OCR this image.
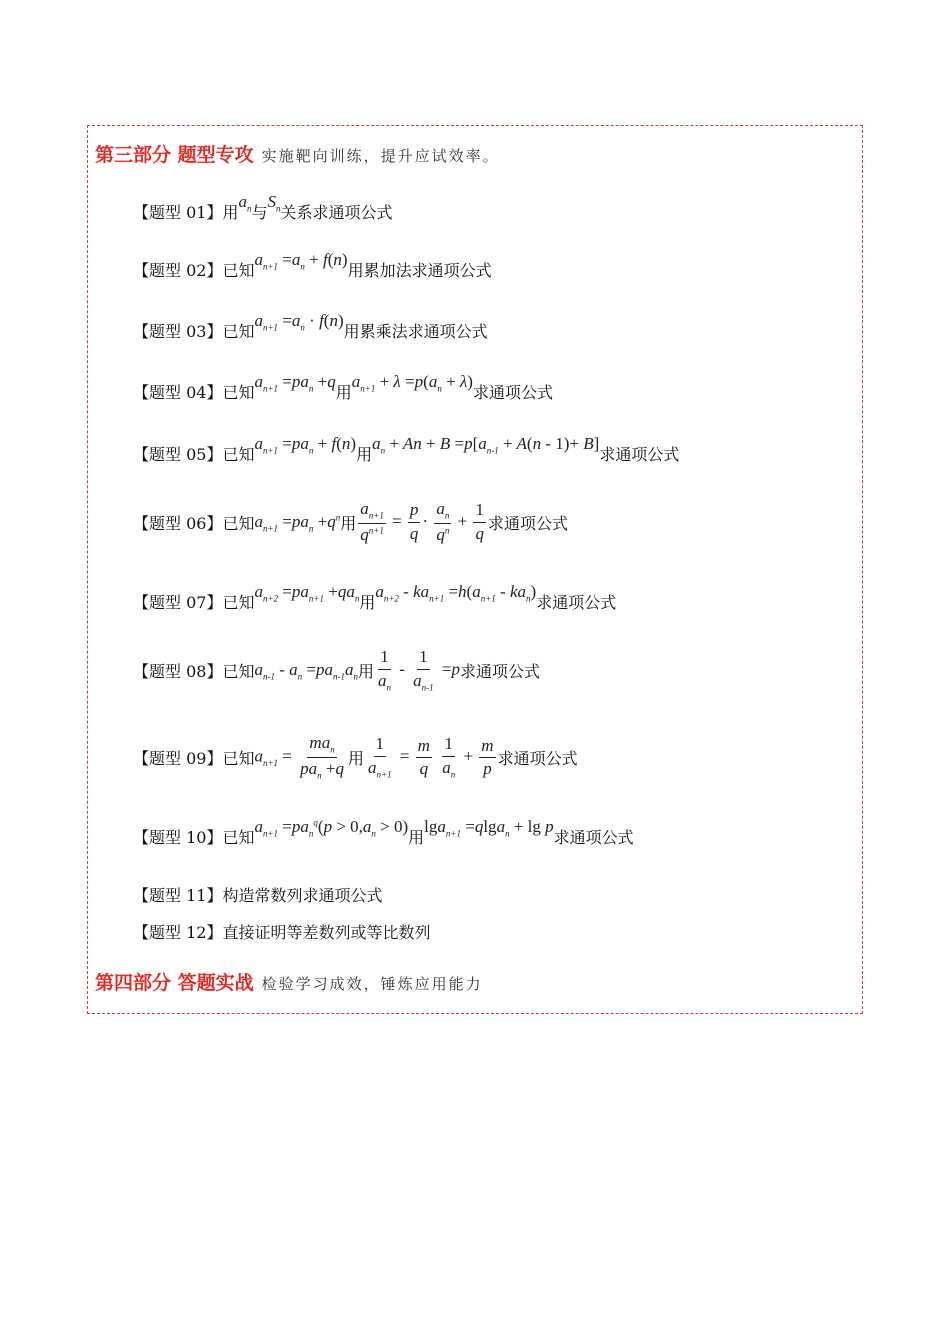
第三部分 题型专攻 实施靶向训练，提升应试效率。
【题型 01】 用
$a_n$ 与
$S_n$ 关系求通项公式
【题型 02】 已知
$a_{n+1} =a_n + f(n)$
用累加法求通项公式
【题型 03】 已知
$a_{n+1} =a_n \cdot f(n)$
用累乘法求通项公式
【题型 04】 已知
$a_{n+1} =pa_n +q$
用
$a_{n+1} + \lambda =p(a_n + \lambda)$
求通项公式
【题型 05】 已知
$a_{n+1} =pa_n + f(n)$
用
$a_n + An + B =p[a_{n-1} + A(n - 1)+ B]$
求通项公式
【题型 06】 已知 $a_{n+1} =pa_n +q^n$ 用 $\frac{a_{n+1}}{q^{n+1}} = \frac{p}{q} \cdot \frac{a_n}{q^n} + \frac{1}{q}$ 求通项公式
【题型 07】 已知
$a_{n+2} =pa_{n+1} +qa_n$ 用
$a_{n+2} - ka_{n+1} =h(a_{n+1} - ka_n)$
求通项公式
【题型 08】 已知 $a_{n-1} - a_n =pa_{n-1}a_n$ 用 $\frac{1}{a_n} - \frac{1}{a_{n-1}} =p$ 求通项公式
【题型 09】 已知 $a_{n+1} = \frac{ma_n}{pa_n +q}$ 用 $\frac{1}{a_{n+1}} = \frac{m}{q}$
$\frac{1}{a_n} + \frac{m}{p}$ 求通项公式
【题型 10】 已知
$a_{n+1} =pa_n^q(p > 0,a_n > 0)$
用
lga$_{n+1}$ =qlga$_n$ + lg p
求通项公式
【题型 11】 构造常数列求通项公式
【题型 12】 直接证明等差数列或等比数列
第四部分 答题实战 检验学习成效，锤炼应用能力
